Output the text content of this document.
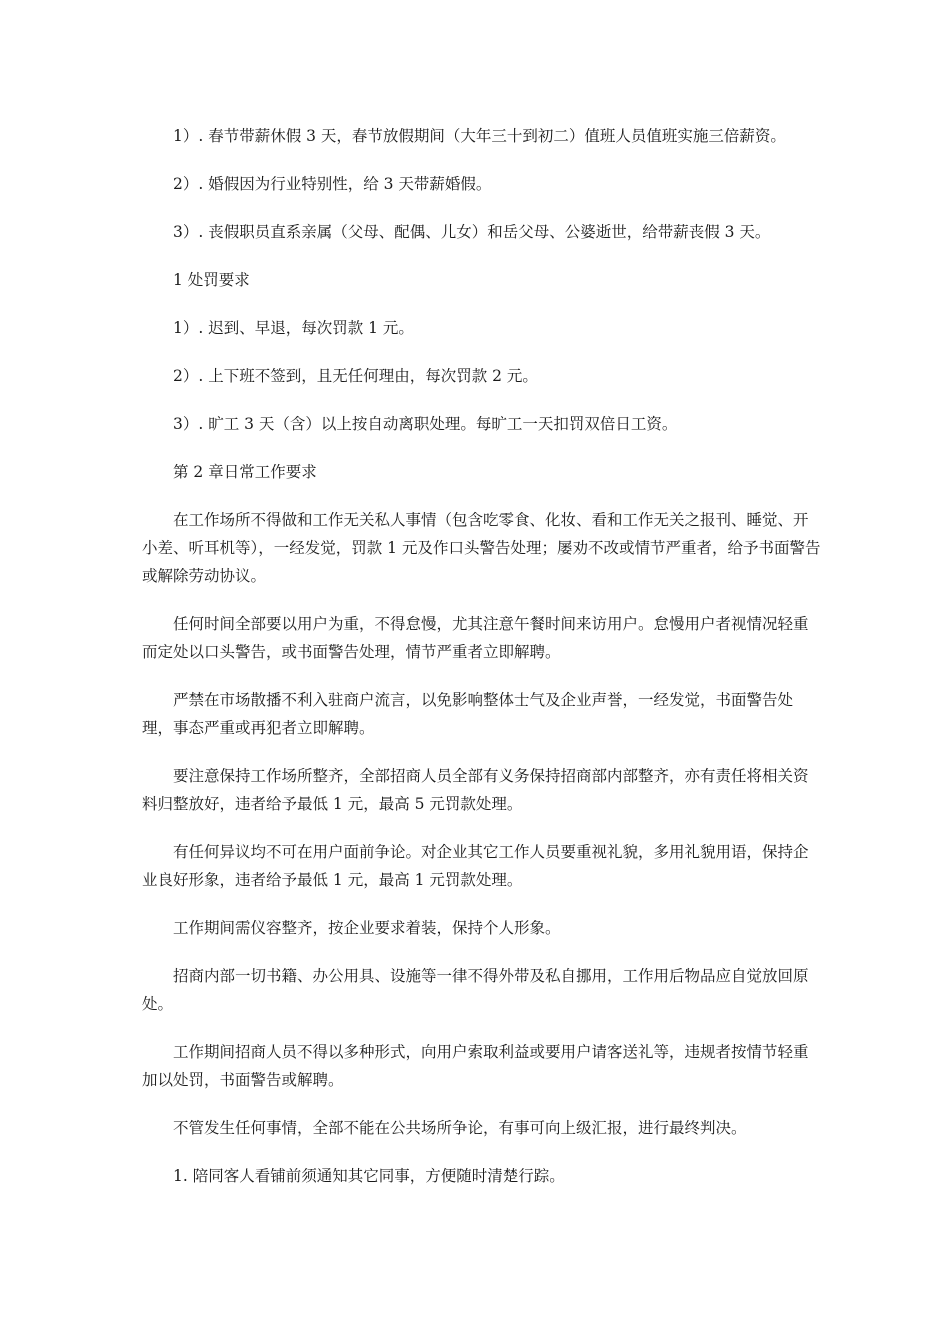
1）. 春节带薪休假 3 天，春节放假期间（大年三十到初二）值班人员值班实施三倍薪资。

2）. 婚假因为行业特别性，给 3 天带薪婚假。

3）. 丧假职员直系亲属（父母、配偶、儿女）和岳父母、公婆逝世，给带薪丧假 3 天。

1 处罚要求

1）. 迟到、早退，每次罚款 1 元。

2）. 上下班不签到，且无任何理由，每次罚款 2 元。

3）. 旷工 3 天（含）以上按自动离职处理。每旷工一天扣罚双倍日工资。

第 2 章日常工作要求

在工作场所不得做和工作无关私人事情（包含吃零食、化妆、看和工作无关之报刊、睡觉、开小差、听耳机等），一经发觉，罚款 1 元及作口头警告处理；屡劝不改或情节严重者，给予书面警告或解除劳动协议。

任何时间全部要以用户为重，不得怠慢，尤其注意午餐时间来访用户。怠慢用户者视情况轻重而定处以口头警告，或书面警告处理，情节严重者立即解聘。

严禁在市场散播不利入驻商户流言，以免影响整体士气及企业声誉，一经发觉，书面警告处理，事态严重或再犯者立即解聘。

要注意保持工作场所整齐，全部招商人员全部有义务保持招商部内部整齐，亦有责任将相关资料归整放好，违者给予最低 1 元，最高 5 元罚款处理。

有任何异议均不可在用户面前争论。对企业其它工作人员要重视礼貌，多用礼貌用语，保持企业良好形象，违者给予最低 1 元，最高 1 元罚款处理。

工作期间需仪容整齐，按企业要求着装，保持个人形象。

招商内部一切书籍、办公用具、设施等一律不得外带及私自挪用，工作用后物品应自觉放回原处。

工作期间招商人员不得以多种形式，向用户索取利益或要用户请客送礼等，违规者按情节轻重加以处罚，书面警告或解聘。

不管发生任何事情，全部不能在公共场所争论，有事可向上级汇报，进行最终判决。

1. 陪同客人看铺前须通知其它同事，方便随时清楚行踪。
